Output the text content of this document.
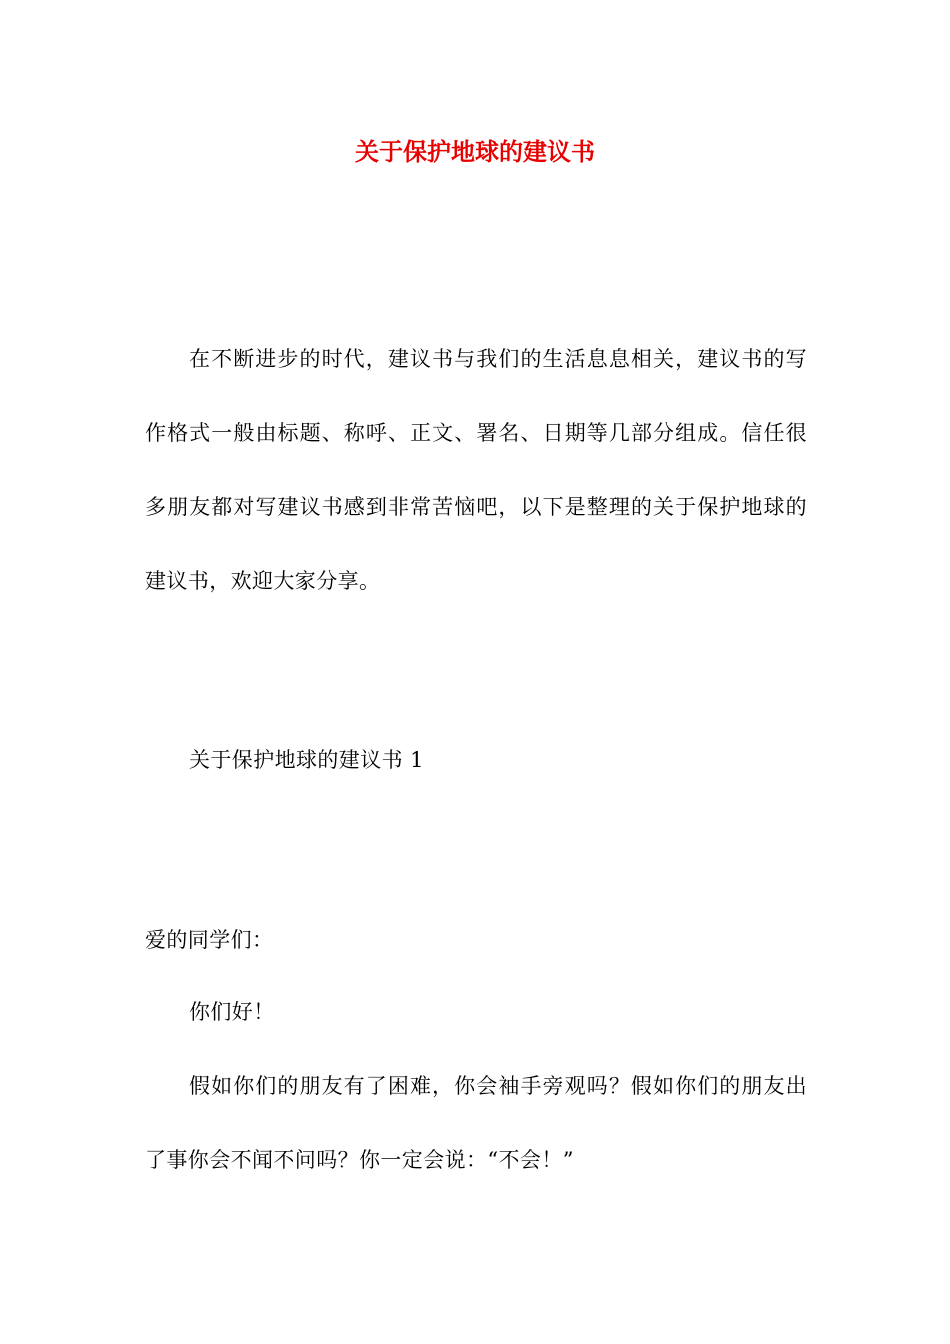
关于保护地球的建议书

在不断进步的时代，建议书与我们的生活息息相关，建议书的写作格式一般由标题、称呼、正文、署名、日期等几部分组成。信任很多朋友都对写建议书感到非常苦恼吧，以下是整理的关于保护地球的建议书，欢迎大家分享。

关于保护地球的建议书 1

爱的同学们：

你们好！

假如你们的朋友有了困难，你会袖手旁观吗？假如你们的朋友出了事你会不闻不问吗？你一定会说：“不会！”
